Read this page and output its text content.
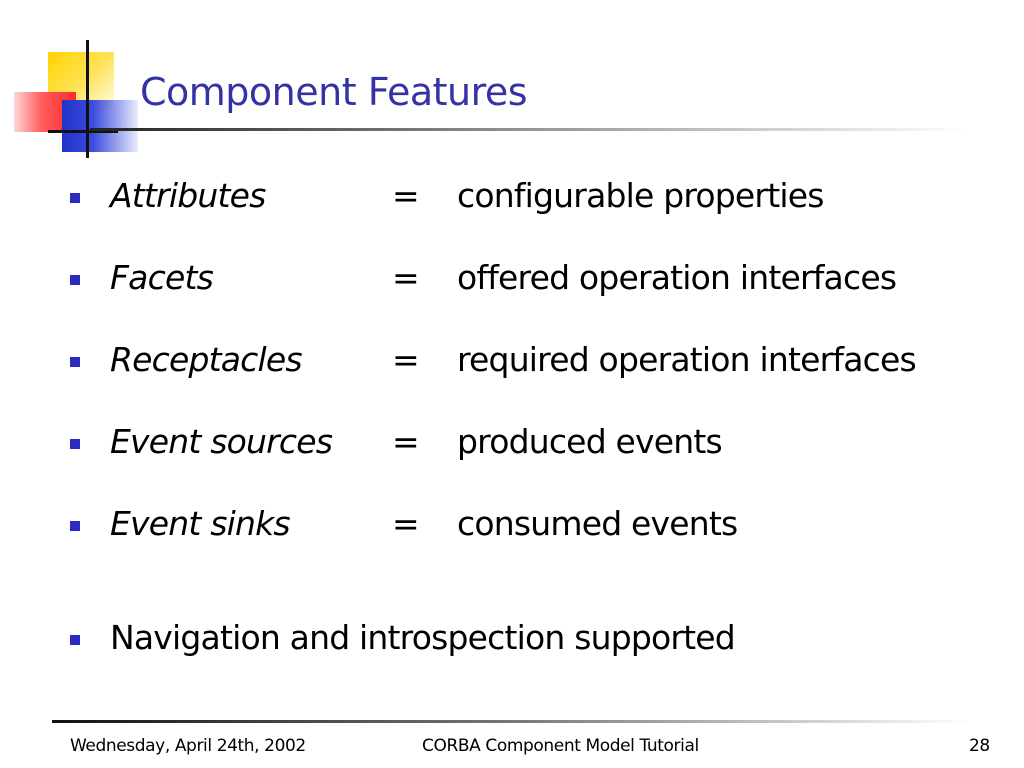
Component Features
Attributes	= configurable properties
Facets	= offered operation interfaces
Receptacles	= required operation interfaces
Event sources = produced events
Event sinks	= consumed events
Navigation and introspection supported
Wednesday, April 24th, 2002	CORBA Component Model Tutorial	28
